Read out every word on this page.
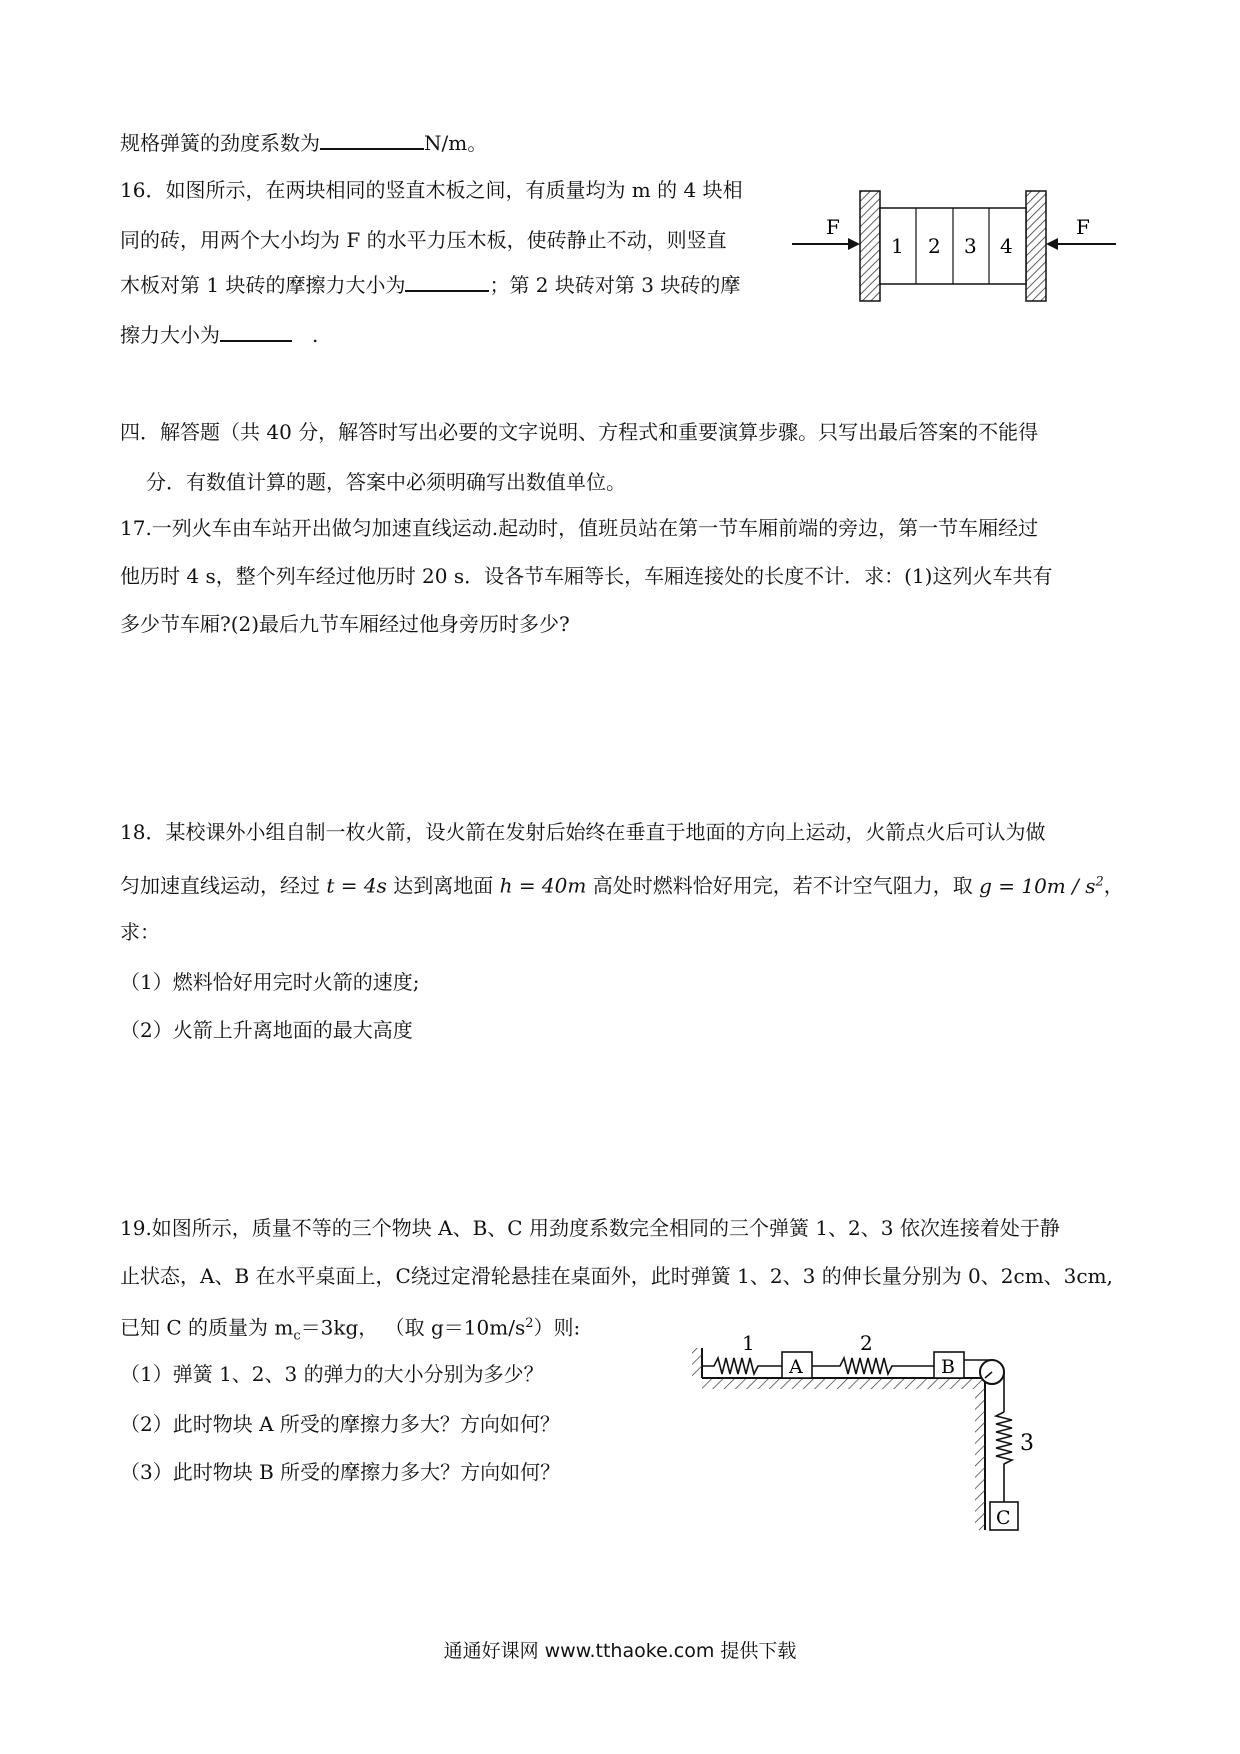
规格弹簧的劲度系数为	N/m。
16．如图所示，在两块相同的竖直木板之间，有质量均为 m 的 4 块相
同的砖，用两个大小均为 F 的水平力压木板，使砖静止不动，则竖直
木板对第 1 块砖的摩擦力大小为	；第 2 块砖对第 3 块砖的摩
擦力大小为	.
F
1 2 3 4
F
四．解答题（共 40 分，解答时写出必要的文字说明、方程式和重要演算步骤。只写出最后答案的不能得
分．有数值计算的题，答案中必须明确写出数值单位。
17.一列火车由车站开出做匀加速直线运动.起动时，值班员站在第一节车厢前端的旁边，第一节车厢经过
他历时 4 s，整个列车经过他历时 20 s．设各节车厢等长，车厢连接处的长度不计．求：(1)这列火车共有
多少节车厢?(2)最后九节车厢经过他身旁历时多少?
18．某校课外小组自制一枚火箭，设火箭在发射后始终在垂直于地面的方向上运动，火箭点火后可认为做
匀加速直线运动，经过 t = 4s 达到离地面 h = 40m 高处时燃料恰好用完，若不计空气阻力，取 $g = 10m / s^2$，
求：
（1）燃料恰好用完时火箭的速度;
（2）火箭上升离地面的最大高度
19.如图所示，质量不等的三个物块 A、B、C 用劲度系数完全相同的三个弹簧 1、2、3 依次连接着处于静
止状态，A、B 在水平桌面上，C绕过定滑轮悬挂在桌面外，此时弹簧 1、2、3 的伸长量分别为 0、2cm、3cm,
已知 C 的质量为 $m_c=3kg$， （取 $g=10m/s^2$）则:
（1）弹簧 1、2、3 的弹力的大小分别为多少？
（2）此时物块 A 所受的摩擦力多大？方向如何？
（3）此时物块 B 所受的摩擦力多大？方向如何？
1
A
2
B
3
C
通通好课网 www.tthaoke.com 提供下载
